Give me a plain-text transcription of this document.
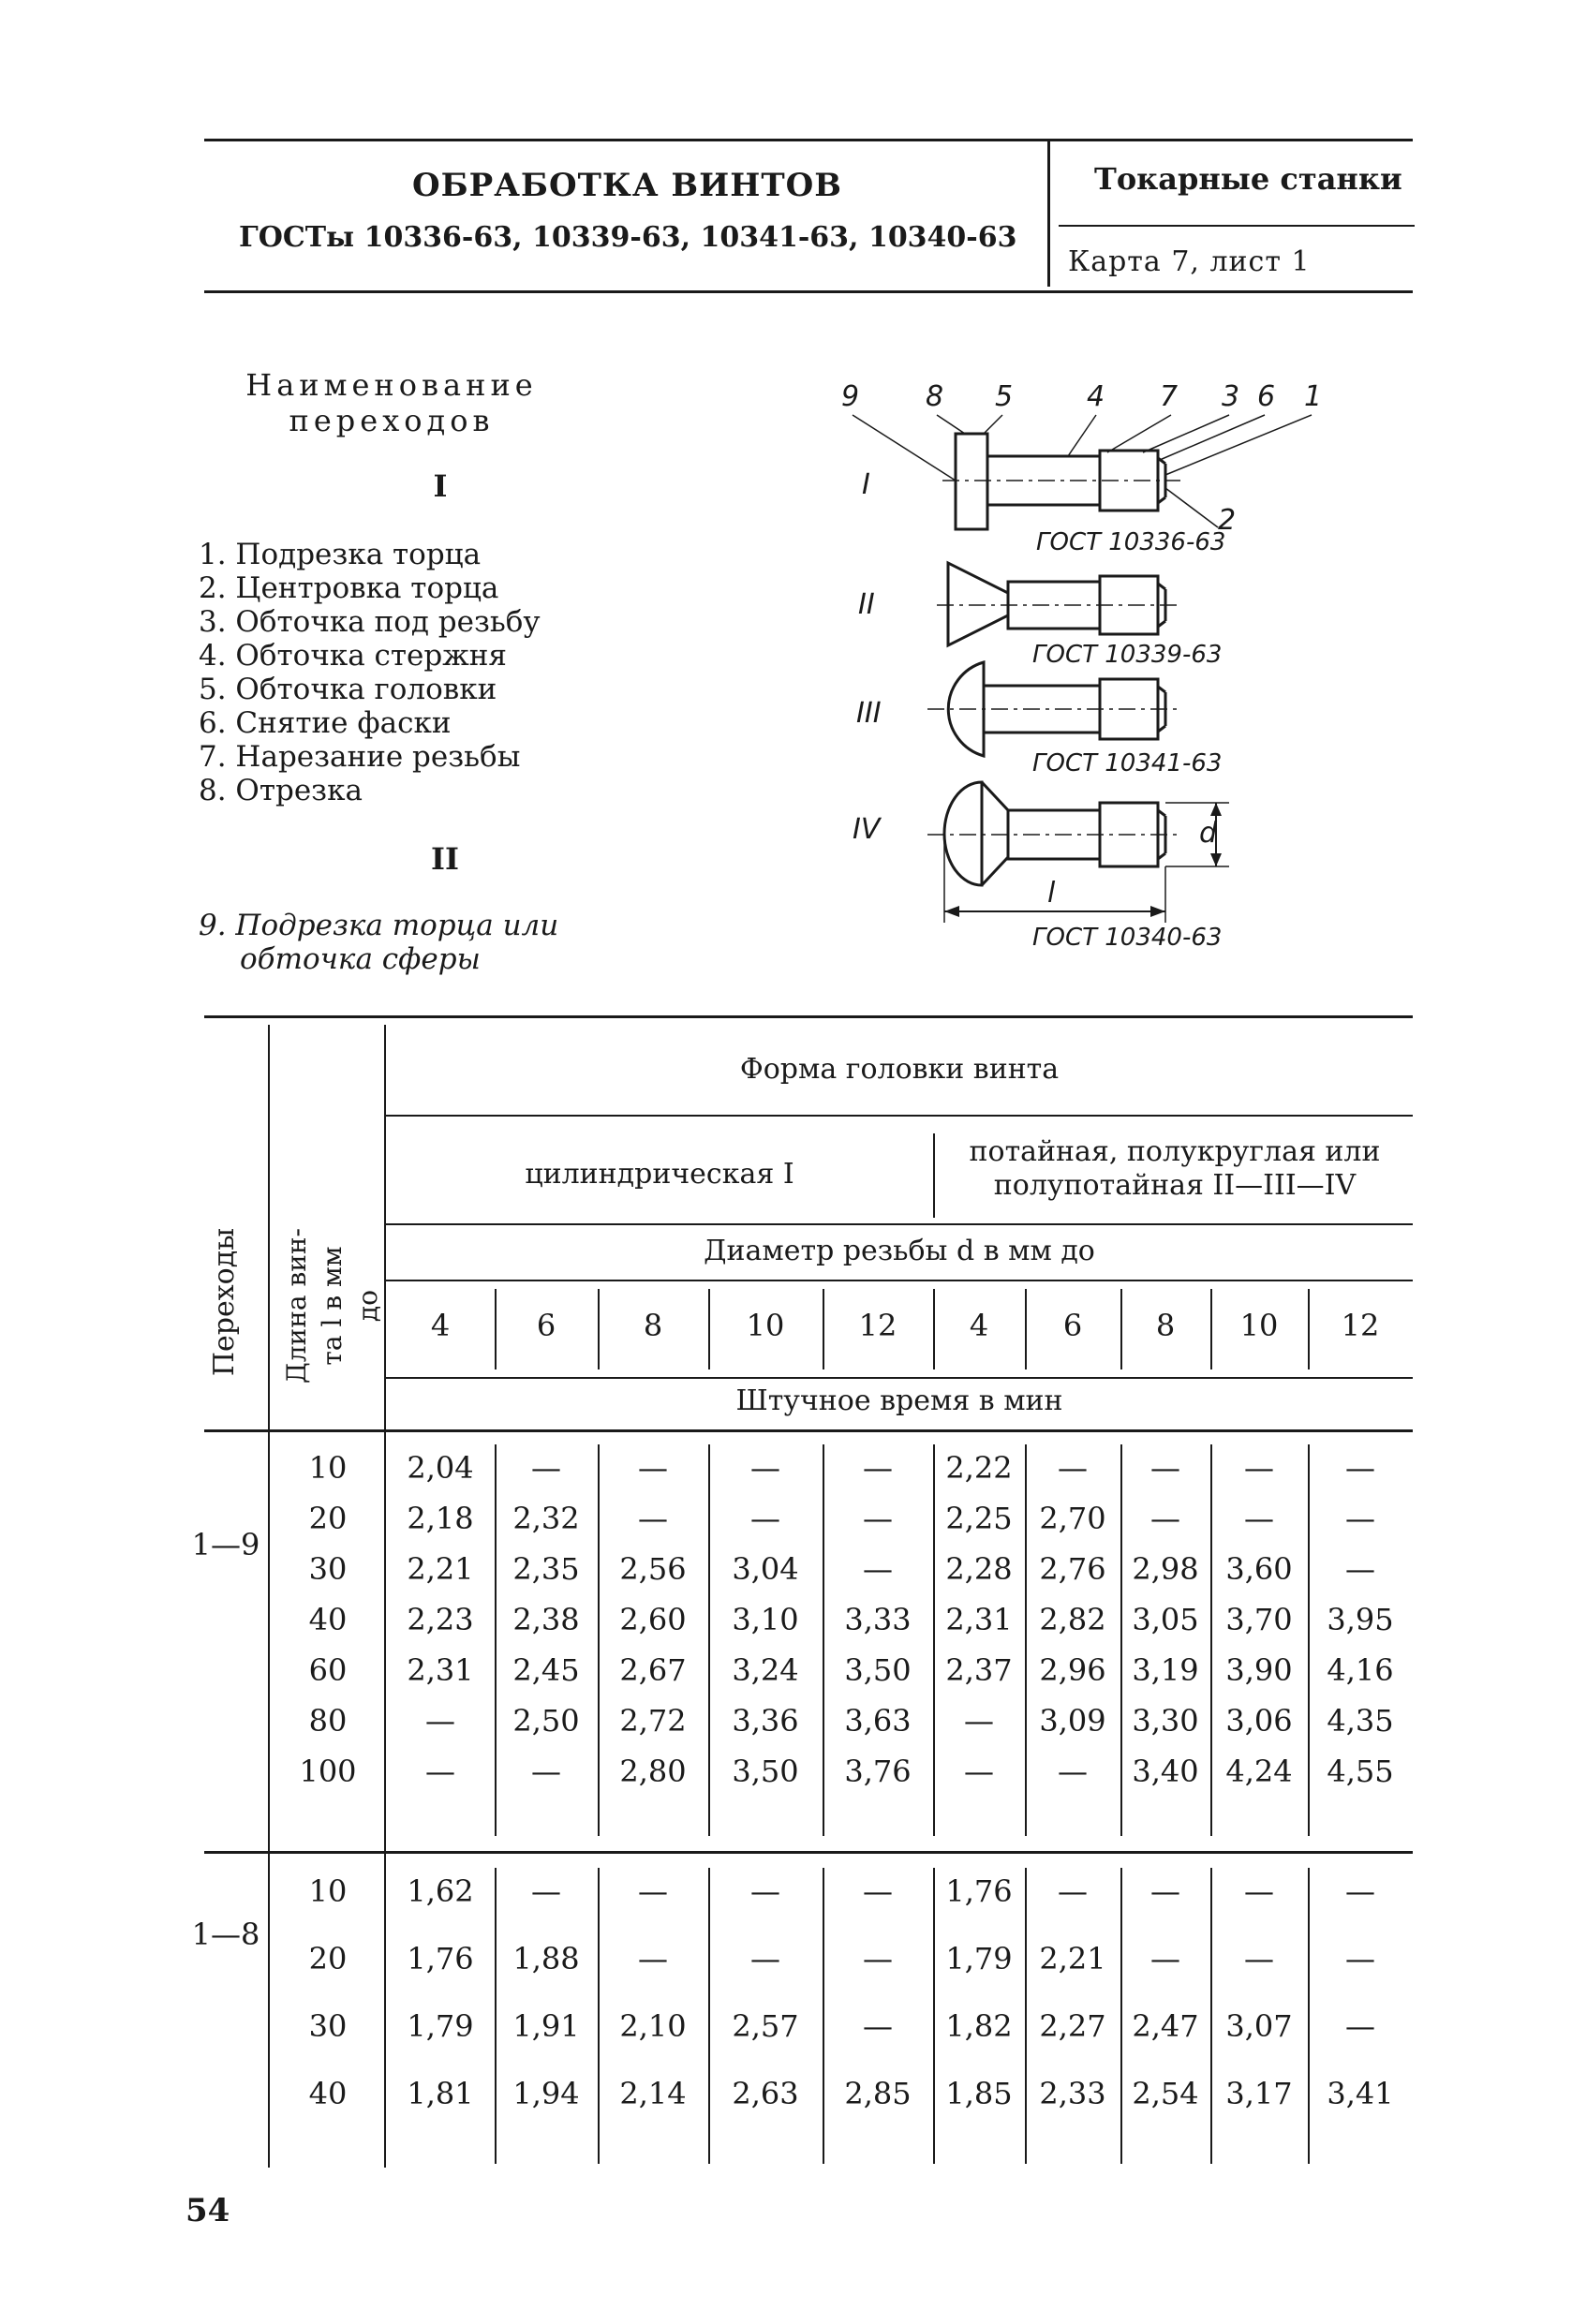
ОБРАБОТКА ВИНТОВ
ГОСТы 10336-63, 10339-63, 10341-63, 10340-63
Токарные станки
Карта 7, лист 1
Наименование
переходов
I
1. Подрезка торца
2. Центровка торца
3. Обточка под резьбу
4. Обточка стержня
5. Обточка головки
6. Снятие фаски
7. Нарезание резьбы
8. Отрезка
II
9. Подрезка торца или
обточка сферы
9 8 5	4 7 3 6 1
2
I
II
III
IV
ГОСТ 10336-63
ГОСТ 10339-63
ГОСТ 10341-63
ГОСТ 10340-63
d
l
Форма головки винта
цилиндрическая I
потайная, полукруглая или
полупотайная II—III—IV
Диаметр резьбы d в мм до
Штучное время в мин
Переходы Длина вин- та l в мм до
4	6	8	10	12	4	6	8	10	12
1—9
10	2,04	—	—	—	—	2,22	—	—	—	—
20	2,18	2,32	—	—	—	2,25 2,70	—	—	—
30	2,21	2,35	2,56	3,04	—	2,28 2,76 2,98 3,60	—
40	2,23	2,38	2,60	3,10	3,33	2,31 2,82 3,05 3,70	3,95
60	2,31	2,45	2,67	3,24	3,50	2,37 2,96 3,19 3,90	4,16
80	—	2,50	2,72	3,36	3,63	—	3,09 3,30 3,06	4,35
100	—	—	2,80	3,50	3,76	—	—	3,40 4,24	4,55
1—8
10	1,62	—	—	—	—	1,76	—	—	—	—
20	1,76	1,88	—	—	—	1,79 2,21	—	—	—
30	1,79	1,91	2,10	2,57	—	1,82 2,27 2,47 3,07	—
40	1,81	1,94	2,14	2,63	2,85	1,85 2,33 2,54 3,17	3,41
54
